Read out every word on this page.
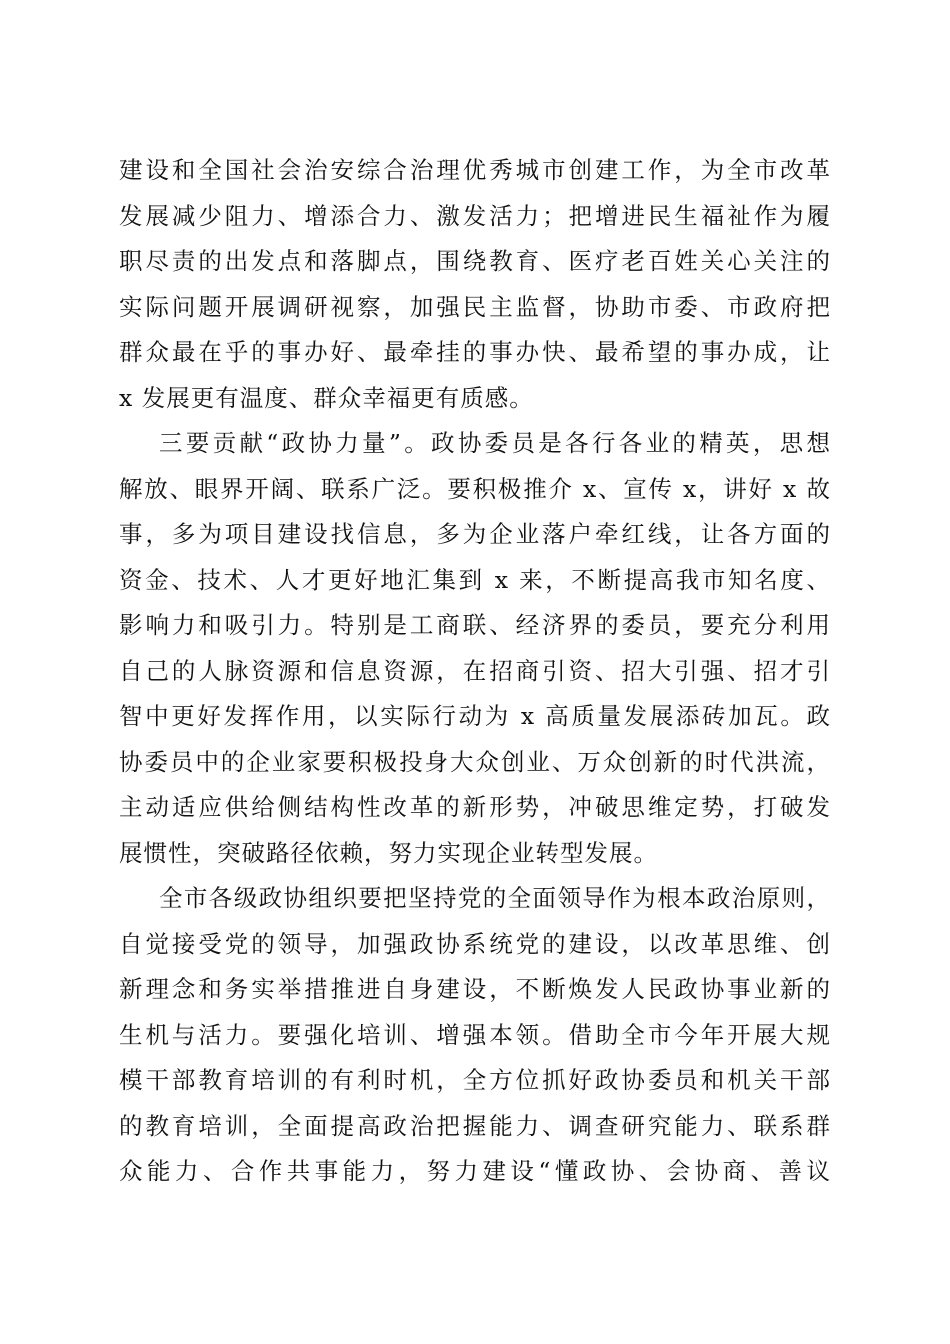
建设和全国社会治安综合治理优秀城市创建工作，为全市改革
发展减少阻力、增添合力、激发活力；把增进民生福祉作为履
职尽责的出发点和落脚点，围绕教育、医疗老百姓关心关注的
实际问题开展调研视察，加强民主监督，协助市委、市政府把
群众最在乎的事办好、最牵挂的事办快、最希望的事办成，让
x 发展更有温度、群众幸福更有质感。
三要贡献“政协力量”。政协委员是各行各业的精英，思想
解放、眼界开阔、联系广泛。要积极推介 x、宣传 x，讲好 x 故
事，多为项目建设找信息，多为企业落户牵红线，让各方面的
资金、技术、人才更好地汇集到 x 来，不断提高我市知名度、
影响力和吸引力。特别是工商联、经济界的委员，要充分利用
自己的人脉资源和信息资源，在招商引资、招大引强、招才引
智中更好发挥作用，以实际行动为 x 高质量发展添砖加瓦。政
协委员中的企业家要积极投身大众创业、万众创新的时代洪流，
主动适应供给侧结构性改革的新形势，冲破思维定势，打破发
展惯性，突破路径依赖，努力实现企业转型发展。
全市各级政协组织要把坚持党的全面领导作为根本政治原则，
自觉接受党的领导，加强政协系统党的建设，以改革思维、创
新理念和务实举措推进自身建设，不断焕发人民政协事业新的
生机与活力。要强化培训、增强本领。借助全市今年开展大规
模干部教育培训的有利时机，全方位抓好政协委员和机关干部
的教育培训，全面提高政治把握能力、调查研究能力、联系群
众能力、合作共事能力，努力建设“懂政协、会协商、善议
